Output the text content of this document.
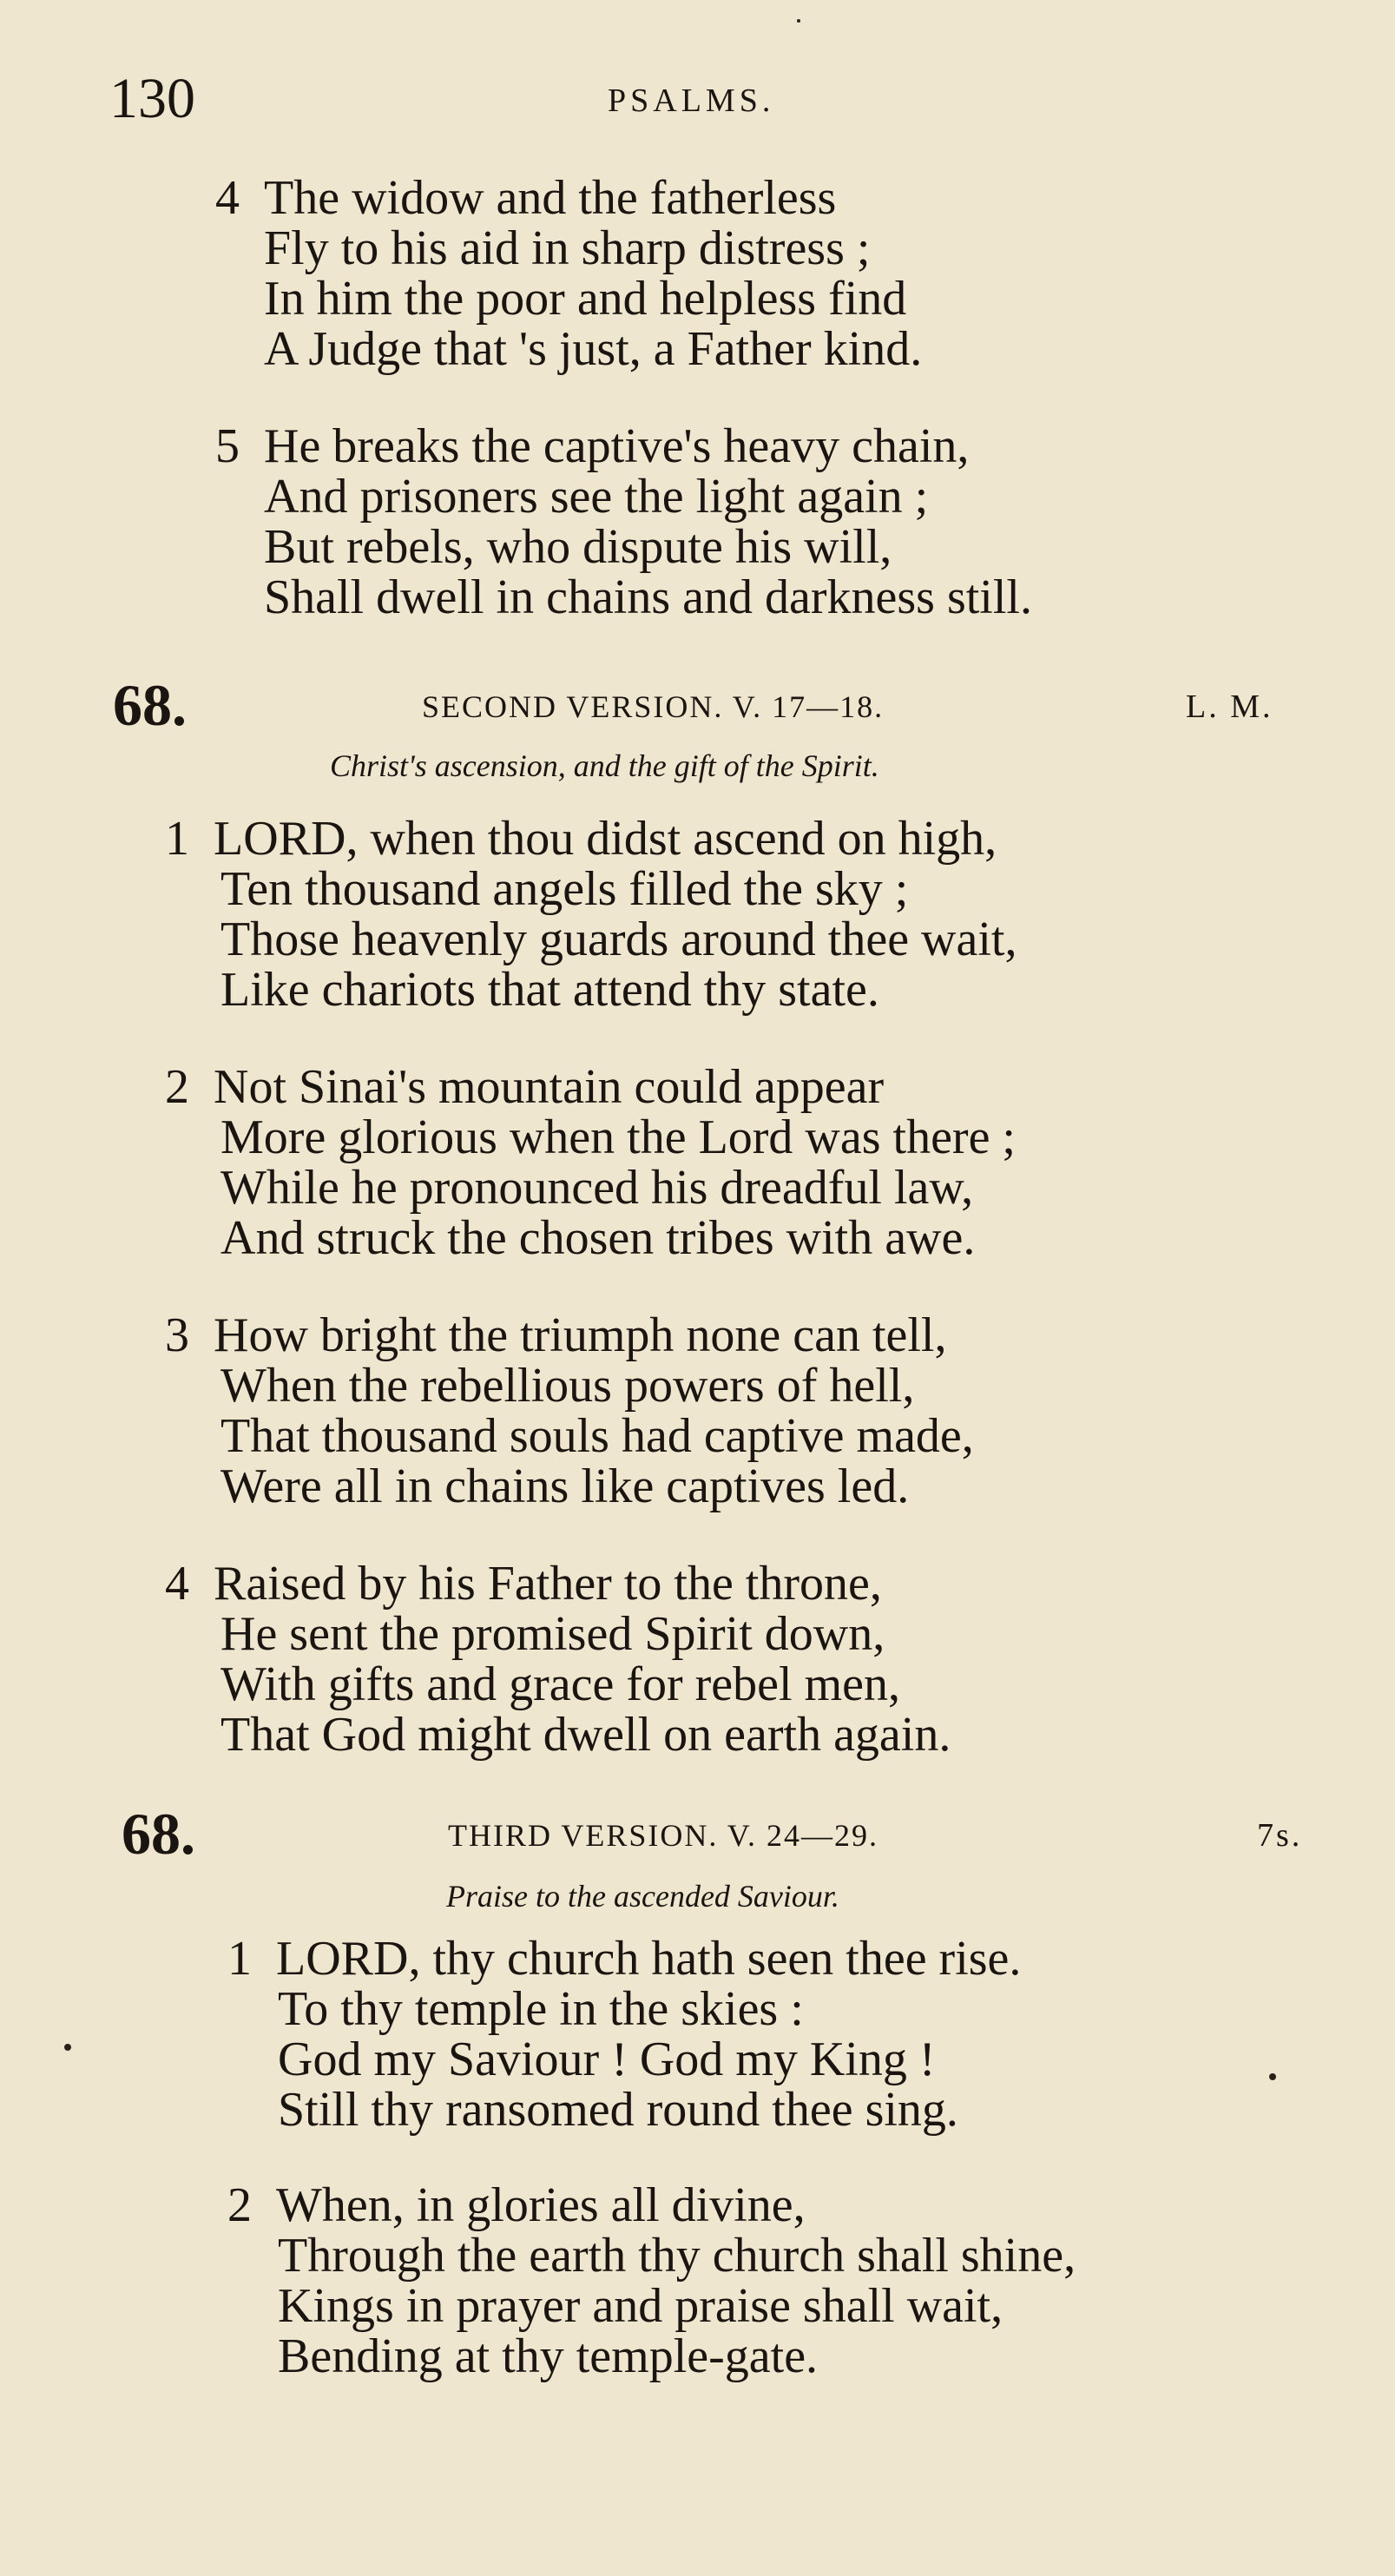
130	PSALMS.
4 The widow and the fatherless
Fly to his aid in sharp distress ;
In him the poor and helpless find
A Judge that 's just, a Father kind.
5 He breaks the captive's heavy chain,
And prisoners see the light again ;
But rebels, who dispute his will,
Shall dwell in chains and darkness still.
68.	SECOND VERSION. V. 17—18.	L. M.
Christ's ascension, and the gift of the Spirit.
1 LORD, when thou didst ascend on high,
Ten thousand angels filled the sky ;
Those heavenly guards around thee wait,
Like chariots that attend thy state.
2 Not Sinai's mountain could appear
More glorious when the Lord was there ;
While he pronounced his dreadful law,
And struck the chosen tribes with awe.
3 How bright the triumph none can tell,
When the rebellious powers of hell,
That thousand souls had captive made,
Were all in chains like captives led.
4 Raised by his Father to the throne,
He sent the promised Spirit down,
With gifts and grace for rebel men,
That God might dwell on earth again.
68.	THIRD VERSION. V. 24—29.	7s.
Praise to the ascended Saviour.
1 LORD, thy church hath seen thee rise.
To thy temple in the skies :
God my Saviour ! God my King !
Still thy ransomed round thee sing.
2 When, in glories all divine,
Through the earth thy church shall shine,
Kings in prayer and praise shall wait,
Bending at thy temple-gate.
